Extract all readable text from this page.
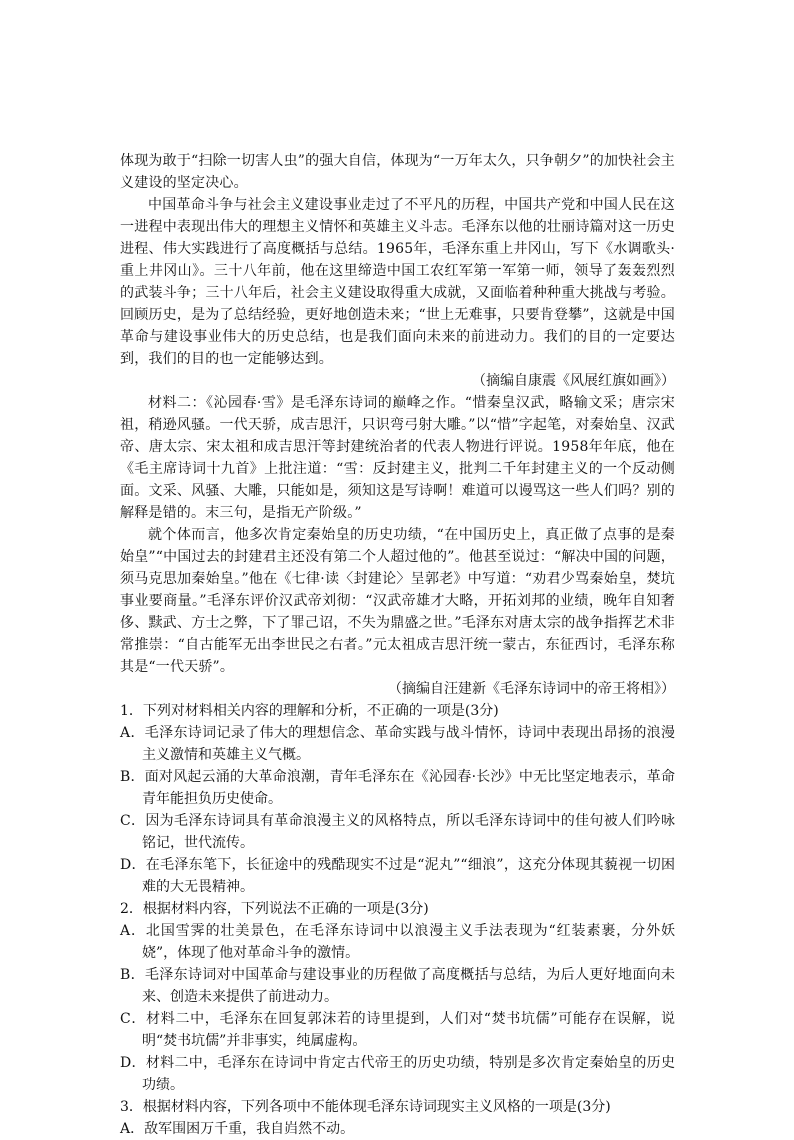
体现为敢于“扫除一切害人虫”的强大自信，体现为“一万年太久，只争朝夕”的加快社会主义建设的坚定决心。

中国革命斗争与社会主义建设事业走过了不平凡的历程，中国共产党和中国人民在这一进程中表现出伟大的理想主义情怀和英雄主义斗志。毛泽东以他的壮丽诗篇对这一历史进程、伟大实践进行了高度概括与总结。1965年，毛泽东重上井冈山，写下《水调歌头·重上井冈山》。三十八年前，他在这里缔造中国工农红军第一军第一师，领导了轰轰烈烈的武装斗争；三十八年后，社会主义建设取得重大成就，又面临着种种重大挑战与考验。回顾历史，是为了总结经验，更好地创造未来；“世上无难事，只要肯登攀”，这就是中国革命与建设事业伟大的历史总结，也是我们面向未来的前进动力。我们的目的一定要达到，我们的目的也一定能够达到。

（摘编自康震《风展红旗如画》）

材料二：《沁园春·雪》是毛泽东诗词的巅峰之作。“惜秦皇汉武，略输文采；唐宗宋祖，稍逊风骚。一代天骄，成吉思汗，只识弯弓射大雕。”以“惜”字起笔，对秦始皇、汉武帝、唐太宗、宋太祖和成吉思汗等封建统治者的代表人物进行评说。1958年年底，他在《毛主席诗词十九首》上批注道：“雪：反封建主义，批判二千年封建主义的一个反动侧面。文采、风骚、大雕，只能如是，须知这是写诗啊！难道可以谩骂这一些人们吗？别的解释是错的。末三句，是指无产阶级。”

就个体而言，他多次肯定秦始皇的历史功绩，“在中国历史上，真正做了点事的是秦始皇”“中国过去的封建君主还没有第二个人超过他的”。他甚至说过：“解决中国的问题，须马克思加秦始皇。”他在《七律·读〈封建论〉呈郭老》中写道：“劝君少骂秦始皇，焚坑事业要商量。”毛泽东评价汉武帝刘彻：“汉武帝雄才大略，开拓刘邦的业绩，晚年自知奢侈、黩武、方士之弊，下了罪己诏，不失为鼎盛之世。”毛泽东对唐太宗的战争指挥艺术非常推崇：“自古能军无出李世民之右者。”元太祖成吉思汗统一蒙古，东征西讨，毛泽东称其是“一代天骄”。

（摘编自汪建新《毛泽东诗词中的帝王将相》）

1．下列对材料相关内容的理解和分析，不正确的一项是(3分)

A．毛泽东诗词记录了伟大的理想信念、革命实践与战斗情怀，诗词中表现出昂扬的浪漫主义激情和英雄主义气概。

B．面对风起云涌的大革命浪潮，青年毛泽东在《沁园春·长沙》中无比坚定地表示，革命青年能担负历史使命。

C．因为毛泽东诗词具有革命浪漫主义的风格特点，所以毛泽东诗词中的佳句被人们吟咏铭记，世代流传。

D．在毛泽东笔下，长征途中的残酷现实不过是“泥丸”“细浪”，这充分体现其藐视一切困难的大无畏精神。

2．根据材料内容，下列说法不正确的一项是(3分)

A．北国雪霁的壮美景色，在毛泽东诗词中以浪漫主义手法表现为“红装素裹，分外妖娆”，体现了他对革命斗争的激情。

B．毛泽东诗词对中国革命与建设事业的历程做了高度概括与总结，为后人更好地面向未来、创造未来提供了前进动力。

C．材料二中，毛泽东在回复郭沫若的诗里提到，人们对“焚书坑儒”可能存在误解，说明“焚书坑儒”并非事实，纯属虚构。

D．材料二中，毛泽东在诗词中肯定古代帝王的历史功绩，特别是多次肯定秦始皇的历史功绩。

3．根据材料内容，下列各项中不能体现毛泽东诗词现实主义风格的一项是(3分)

A．敌军围困万千重，我自岿然不动。
